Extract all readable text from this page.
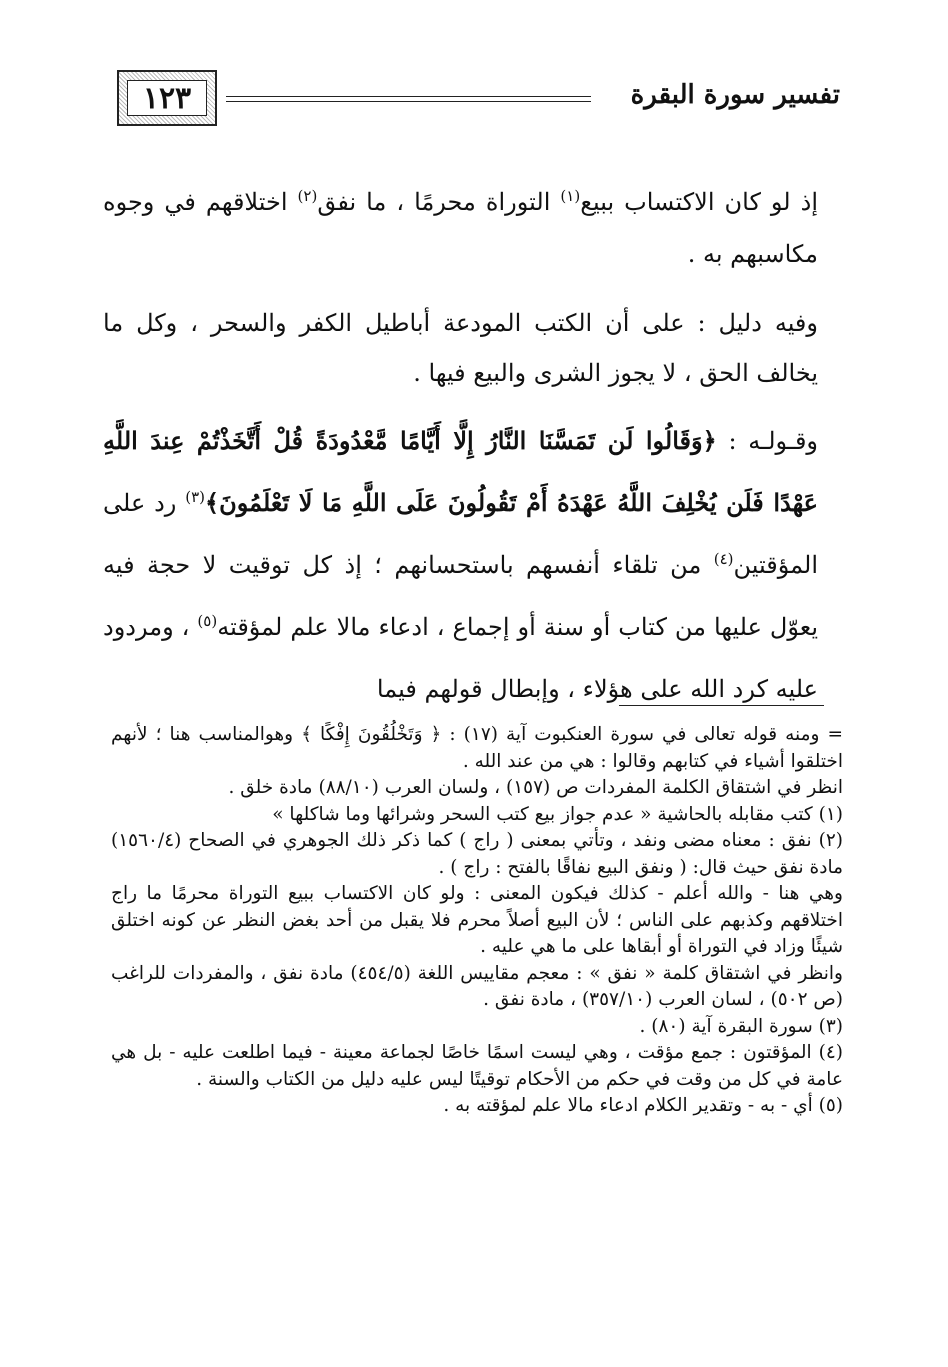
١٢٣	تفسير سورة البقرة
إذ لو كان الاكتساب ببيع$^{(١)}$ التوراة محرمًا ، ما نفق$^{(٢)}$ اختلاقهم في وجوه مكاسبهم به .
وفيه دليل : على أن الكتب المودعة أباطيل الكفر والسحر ، وكل ما يخالف الحق ، لا يجوز الشرى والبيع فيها .
وقـولـه : ﴿وَقَالُوا لَن تَمَسَّنَا النَّارُ إِلَّا أَيَّامًا مَّعْدُودَةً قُلْ أَتَّخَذْتُمْ عِندَ اللَّهِ عَهْدًا فَلَن يُخْلِفَ اللَّهُ عَهْدَهُ أَمْ تَقُولُونَ عَلَى اللَّهِ مَا لَا تَعْلَمُونَ﴾$^{(٣)}$ رد على المؤقتين$^{(٤)}$ من تلقاء أنفسهم باستحسانهم ؛ إذ كل توقيت لا حجة فيه يعوّل عليها من كتاب أو سنة أو إجماع ، ادعاء مالا علم لمؤقته$^{(٥)}$ ، ومردود عليه كرد الله على هؤلاء ، وإبطال قولهم فيما

= ومنه قوله تعالى في سورة العنكبوت آية (١٧) : ﴿ وَتَخْلُقُونَ إِفْكًا ﴾ وهوالمناسب هنا ؛ لأنهم اختلقوا أشياء في كتابهم وقالوا : هي من عند الله .

انظر في اشتقاق الكلمة المفردات ص (١٥٧) ، ولسان العرب (٨٨/١٠) مادة خلق .

(١) كتب مقابله بالحاشية « عدم جواز بيع كتب السحر وشرائها وما شاكلها »

(٢) نفق : معناه مضى ونفد ، وتأتي بمعنى ( راج ) كما ذكر ذلك الجوهري في الصحاح (١٥٦٠/٤) مادة نفق حيث قال: ( ونفق البيع نفاقًا بالفتح : راج ) .

وهي هنا - والله أعلم - كذلك فيكون المعنى : ولو كان الاكتساب ببيع التوراة محرمًا ما راج اختلاقهم وكذبهم على الناس ؛ لأن البيع أصلاً محرم فلا يقبل من أحد بغض النظر عن كونه اختلق شيئًا وزاد في التوراة أو أبقاها على ما هي عليه .

وانظر في اشتقاق كلمة « نفق » : معجم مقاييس اللغة (٤٥٤/٥) مادة نفق ، والمفردات للراغب (ص ٥٠٢) ، لسان العرب (٣٥٧/١٠) ، مادة نفق .

(٣) سورة البقرة آية (٨٠) .

(٤) المؤقتون : جمع مؤقت ، وهي ليست اسمًا خاصًا لجماعة معينة - فيما اطلعت عليه - بل هي عامة في كل من وقت في حكم من الأحكام توقيتًا ليس عليه دليل من الكتاب والسنة .

(٥) أي - به - وتقدير الكلام ادعاء مالا علم لمؤقته به .
